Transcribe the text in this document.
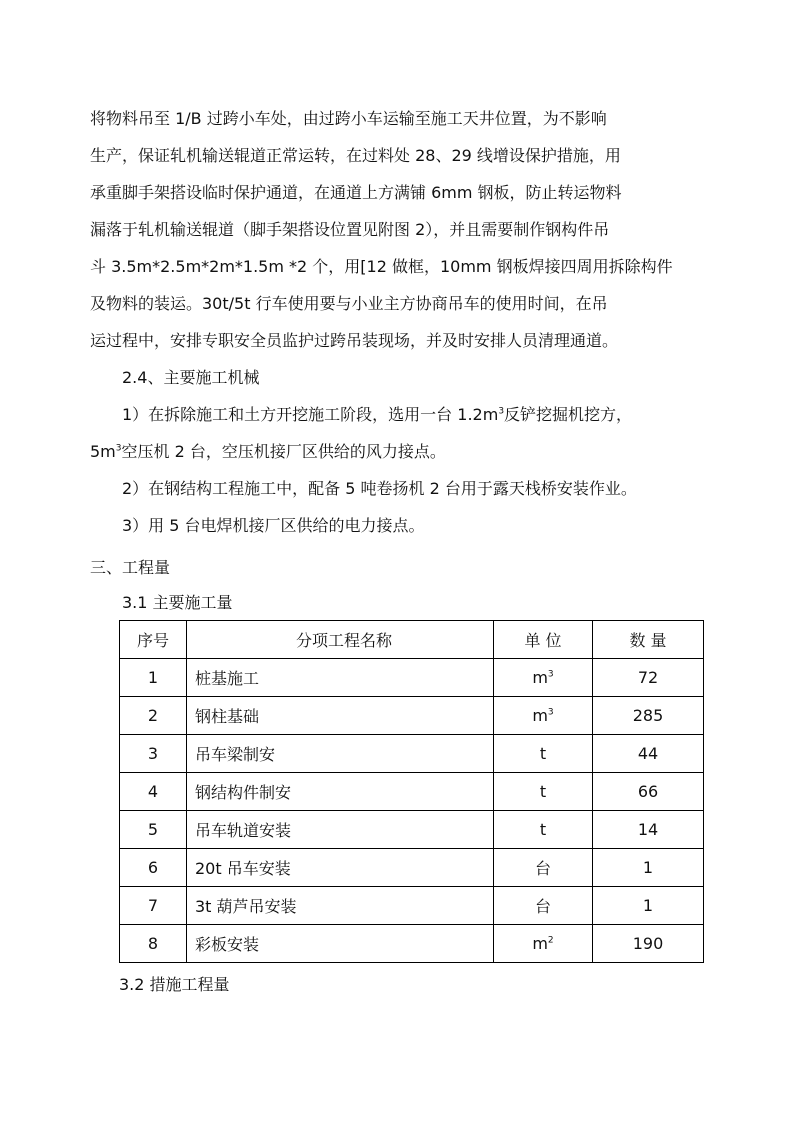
将物料吊至 1/B 过跨小车处，由过跨小车运输至施工天井位置，为不影响
生产，保证轧机输送辊道正常运转，在过料处 28、29 线增设保护措施，用
承重脚手架搭设临时保护通道，在通道上方满铺 6mm 钢板，防止转运物料
漏落于轧机输送辊道（脚手架搭设位置见附图 2），并且需要制作钢构件吊
斗 3.5m*2.5m*2m*1.5m *2 个，用[12 做框，10mm 钢板焊接四周用拆除构件
及物料的装运。30t/5t 行车使用要与小业主方协商吊车的使用时间，在吊
运过程中，安排专职安全员监护过跨吊装现场，并及时安排人员清理通道。
2.4、主要施工机械
1）在拆除施工和土方开挖施工阶段，选用一台 $1.2m^3$反铲挖掘机挖方，
$5m^3$空压机 2 台，空压机接厂区供给的风力接点。
2）在钢结构工程施工中，配备 5 吨卷扬机 2 台用于露天栈桥安装作业。
3）用 5 台电焊机接厂区供给的电力接点。
三、工程量
3.1 主要施工量
序号	分项工程名称	单 位	数 量
1	桩基施工	$m^3$	72
2	钢柱基础	$m^3$	285
3	吊车梁制安	t	44
4	钢结构件制安	t	66
5	吊车轨道安装	t	14
6	20t 吊车安装	台	1
7	3t 葫芦吊安装	台	1
8	彩板安装	$m^2$	190
3.2 措施工程量
